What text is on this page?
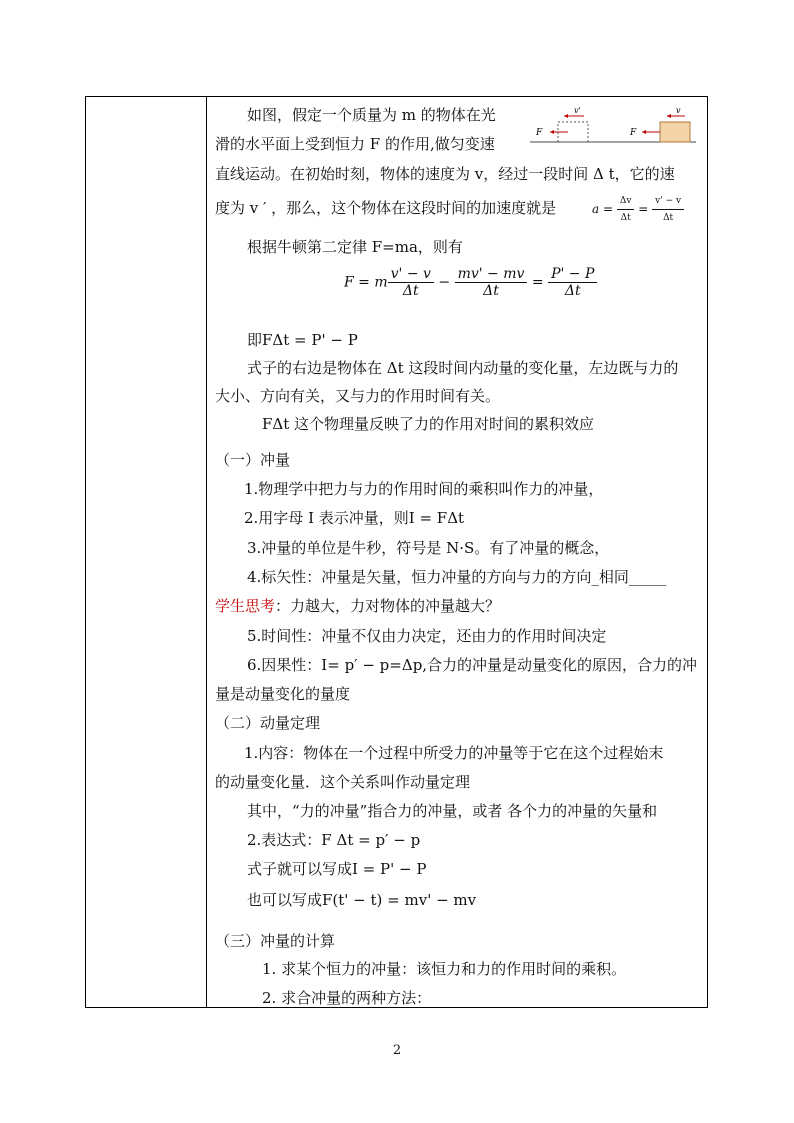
如图，假定一个质量为 m 的物体在光
滑的水平面上受到恒力 F 的作用,做匀变速
直线运动。在初始时刻，物体的速度为 v，经过一段时间 Δ t，它的速
度为 v ′ ，那么，这个物体在这段时间的加速度就是
v'	v
F	F
$a = \frac{\Delta v}{\Delta t} = \frac{v' - v}{\Delta t}$
根据牛顿第二定律 F=ma，则有
F = m $\frac{v' - v}{\Delta t} - \frac{mv' - mv}{\Delta t} = \frac{P' - P}{\Delta t}$
即FΔt = P' − P
式子的右边是物体在 Δt 这段时间内动量的变化量，左边既与力的
大小、方向有关，又与力的作用时间有关。
FΔt 这个物理量反映了力的作用对时间的累积效应
（一）冲量
1.物理学中把力与力的作用时间的乘积叫作力的冲量，
2.用字母 I 表示冲量，则I = FΔt
3.冲量的单位是牛秒，符号是 N·S。有了冲量的概念，
4.标矢性：冲量是矢量，恒力冲量的方向与力的方向_相同_____
学生思考：力越大，力对物体的冲量越大？
5.时间性：冲量不仅由力决定，还由力的作用时间决定
6.因果性：I= p′ − p=Δp,合力的冲量是动量变化的原因，合力的冲
量是动量变化的量度
（二）动量定理
1.内容：物体在一个过程中所受力的冲量等于它在这个过程始末
的动量变化量．这个关系叫作动量定理
其中，“力的冲量”指合力的冲量，或者 各个力的冲量的矢量和
2.表达式：F Δt = p′ − p
式子就可以写成I = P' − P
也可以写成F(t' − t) = mv' − mv
（三）冲量的计算
1. 求某个恒力的冲量：该恒力和力的作用时间的乘积。
2. 求合冲量的两种方法：
2
